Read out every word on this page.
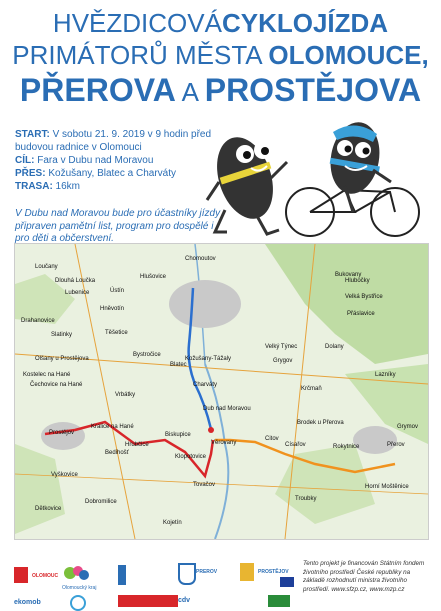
HVĚZDICOVÁCYKLOJÍZDA
PRIMÁTORŮ MĚSTA OLOMOUCE,
PŘEROVA A PROSTĚJOVA
START: V sobotu 21. 9. 2019 v 9 hodin před budovou radnice v Olomouci
CÍL: Fara v Dubu nad Moravou
PŘES: Kožušany, Blatec a Charváty
TRASA: 16km
V Dubu nad Moravou bude pro účastníky jízdy připraven pamětní list, program pro dospělé i pro děti a občerstvení.
Chomoutov
Bukovany
Velká Bystřice
Loučany
Dlouhá Loučka
Lubenice
Hlušovice
Ústín
Hněvotín
Přáslavice
Hlubočky
Slatinky	Těšetice
Velký Týnec
Drahanovice
Bystročice
Blatec
Kožušany-Tážaly	Grygov
Charváty
Dolany
Olšany u Prostějova
Kostelec na Hané
Čechovice na Hané
Vrbátky
Krčmaň
Lazníky
Dub nad Moravou
Brodek u Přerova
Prostějov
Kralice na Hané
Biskupice
Věrovany
Citov
Císařov	Rokytnice	Přerov
Hrubčice
Klopotovice
Tovačov
Troubky
Kojetín
Vyškovice
Dětkovice
Dobromilice
Bedihošť
Grymov
Horní Moštěnice
OLOMOUC
Olomoucký kraj
PREROV	PROSTĚJOV
ekomob	cdv
Tento projekt je financován Státním fondem životního prostředí České republiky na základě rozhodnutí ministra životního prostředí. www.sfzp.cz, www.mzp.cz
